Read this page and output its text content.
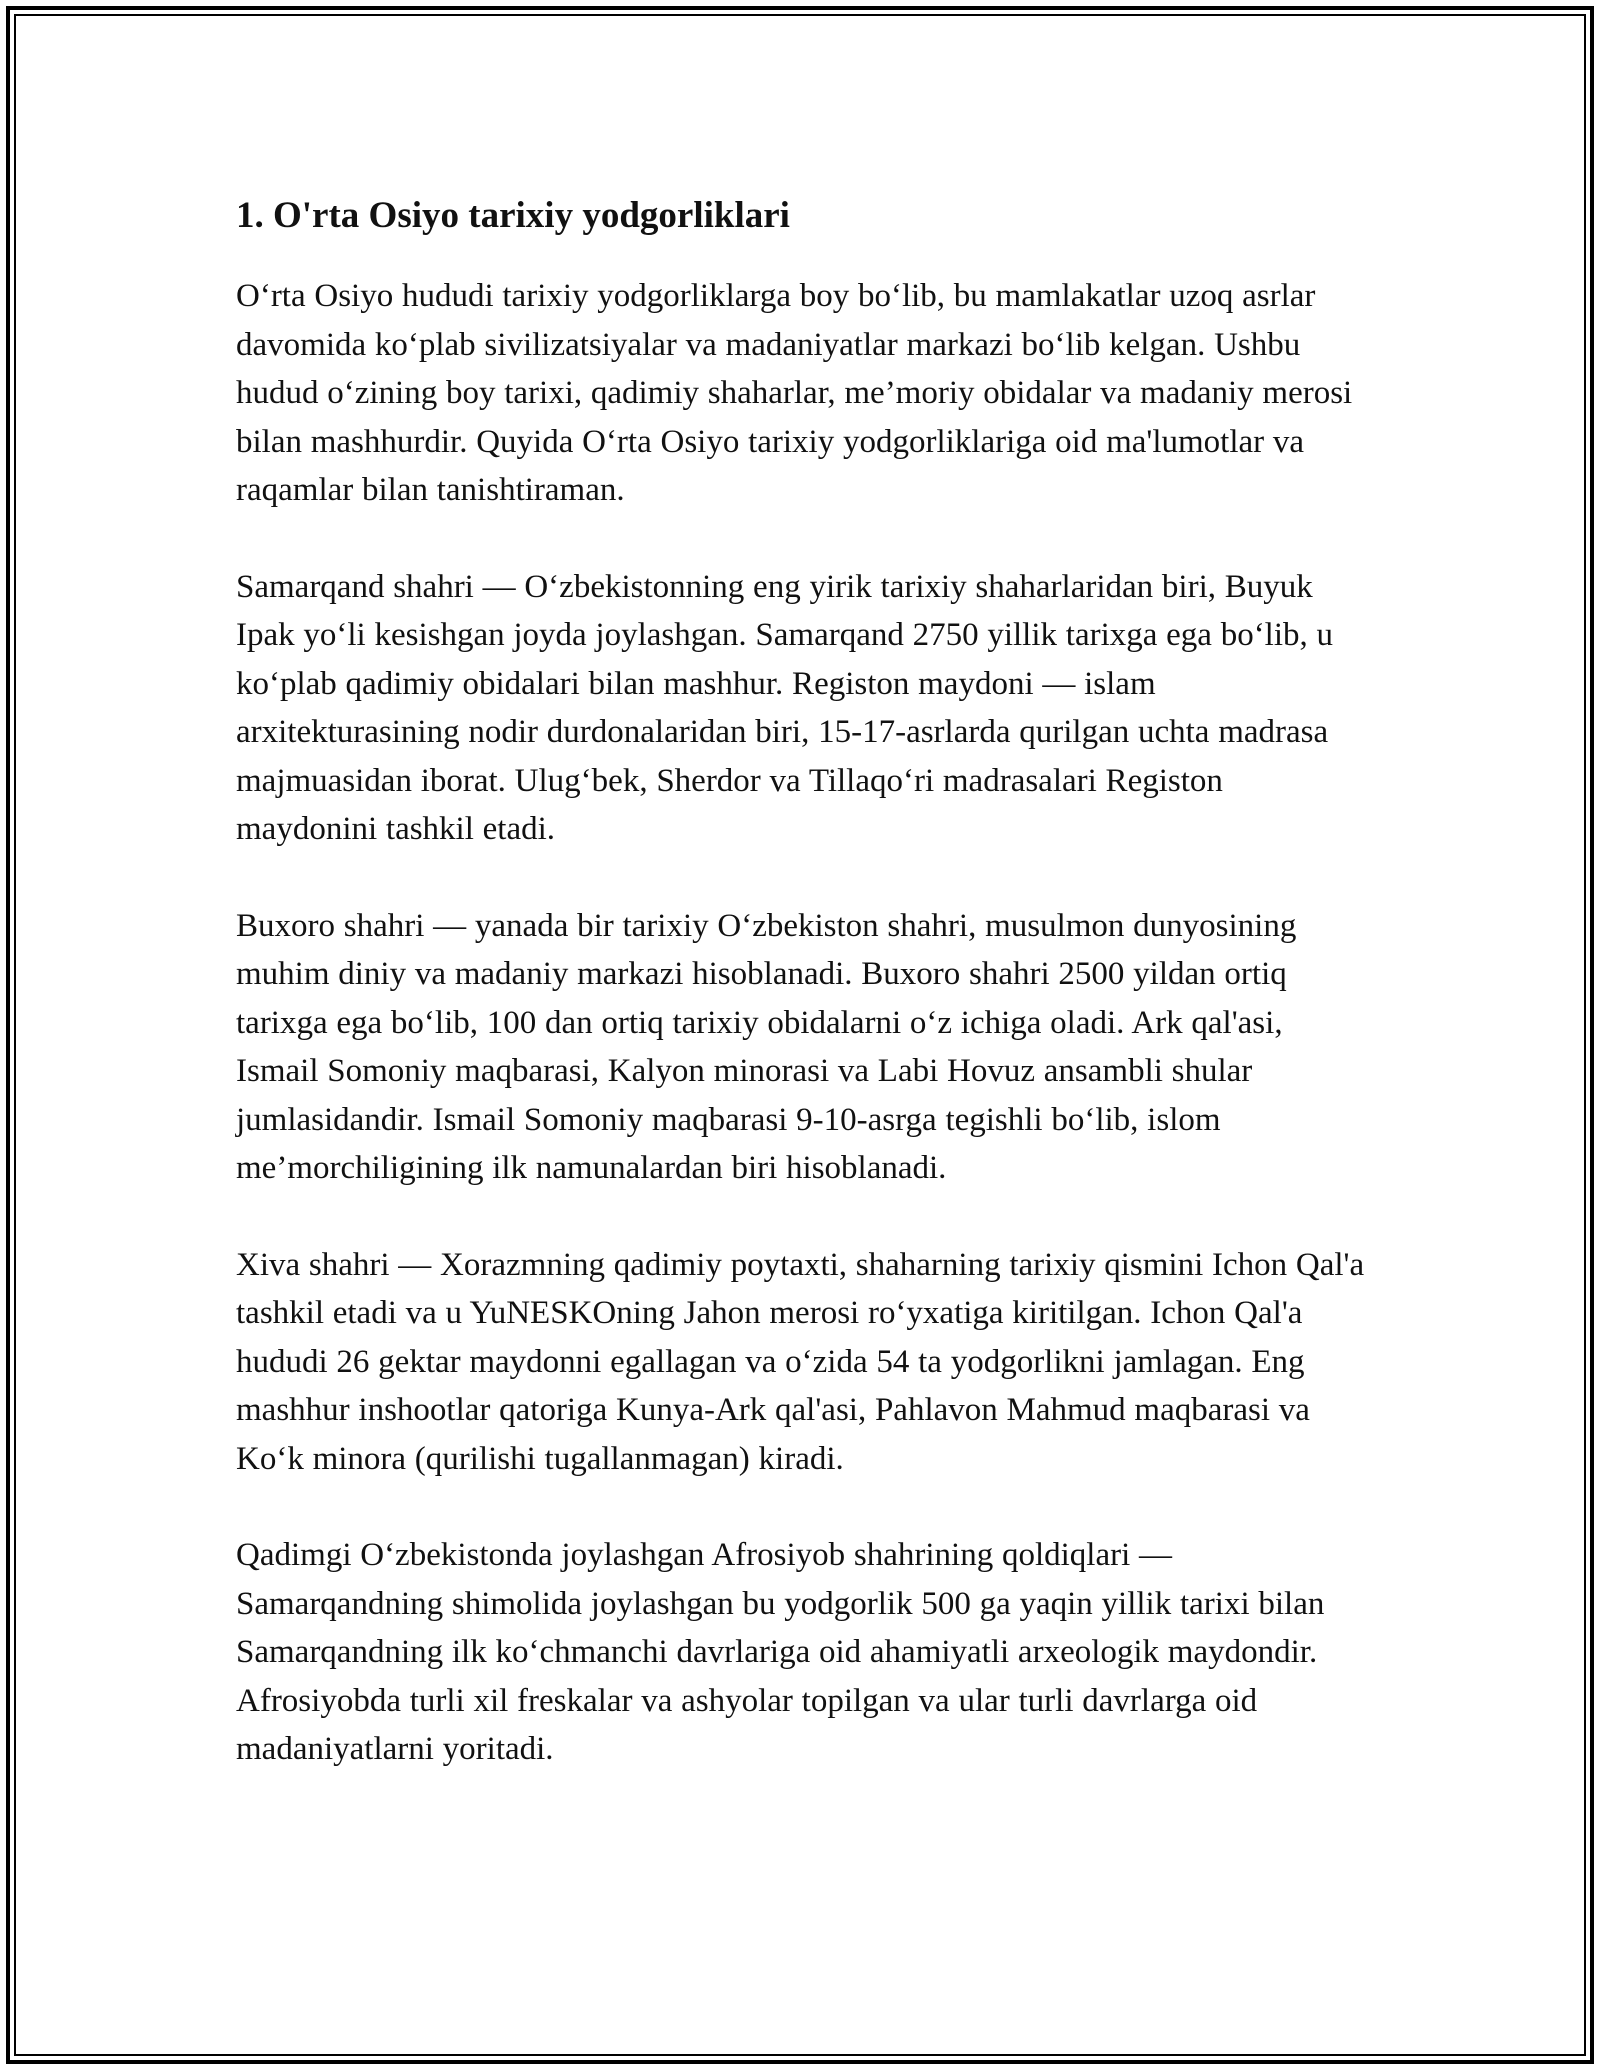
1. O'rta Osiyo tarixiy yodgorliklari

O‘rta Osiyo hududi tarixiy yodgorliklarga boy bo‘lib, bu mamlakatlar uzoq asrlar davomida ko‘plab sivilizatsiyalar va madaniyatlar markazi bo‘lib kelgan. Ushbu hudud o‘zining boy tarixi, qadimiy shaharlar, me’moriy obidalar va madaniy merosi bilan mashhurdir. Quyida O‘rta Osiyo tarixiy yodgorliklariga oid ma'lumotlar va raqamlar bilan tanishtiraman.

Samarqand shahri — O‘zbekistonning eng yirik tarixiy shaharlaridan biri, Buyuk Ipak yo‘li kesishgan joyda joylashgan. Samarqand 2750 yillik tarixga ega bo‘lib, u ko‘plab qadimiy obidalari bilan mashhur. Registon maydoni — islam arxitekturasining nodir durdonalaridan biri, 15-17-asrlarda qurilgan uchta madrasa majmuasidan iborat. Ulug‘bek, Sherdor va Tillaqo‘ri madrasalari Registon maydonini tashkil etadi.

Buxoro shahri — yanada bir tarixiy O‘zbekiston shahri, musulmon dunyosining muhim diniy va madaniy markazi hisoblanadi. Buxoro shahri 2500 yildan ortiq tarixga ega bo‘lib, 100 dan ortiq tarixiy obidalarni o‘z ichiga oladi. Ark qal'asi, Ismail Somoniy maqbarasi, Kalyon minorasi va Labi Hovuz ansambli shular jumlasidandir. Ismail Somoniy maqbarasi 9-10-asrga tegishli bo‘lib, islom me’morchiligining ilk namunalardan biri hisoblanadi.

Xiva shahri — Xorazmning qadimiy poytaxti, shaharning tarixiy qismini Ichon Qal'a tashkil etadi va u YuNESKOning Jahon merosi ro‘yxatiga kiritilgan. Ichon Qal'a hududi 26 gektar maydonni egallagan va o‘zida 54 ta yodgorlikni jamlagan. Eng mashhur inshootlar qatoriga Kunya-Ark qal'asi, Pahlavon Mahmud maqbarasi va Ko‘k minora (qurilishi tugallanmagan) kiradi.

Qadimgi O‘zbekistonda joylashgan Afrosiyob shahrining qoldiqlari — Samarqandning shimolida joylashgan bu yodgorlik 500 ga yaqin yillik tarixi bilan Samarqandning ilk ko‘chmanchi davrlariga oid ahamiyatli arxeologik maydondir. Afrosiyobda turli xil freskalar va ashyolar topilgan va ular turli davrlarga oid madaniyatlarni yoritadi.
